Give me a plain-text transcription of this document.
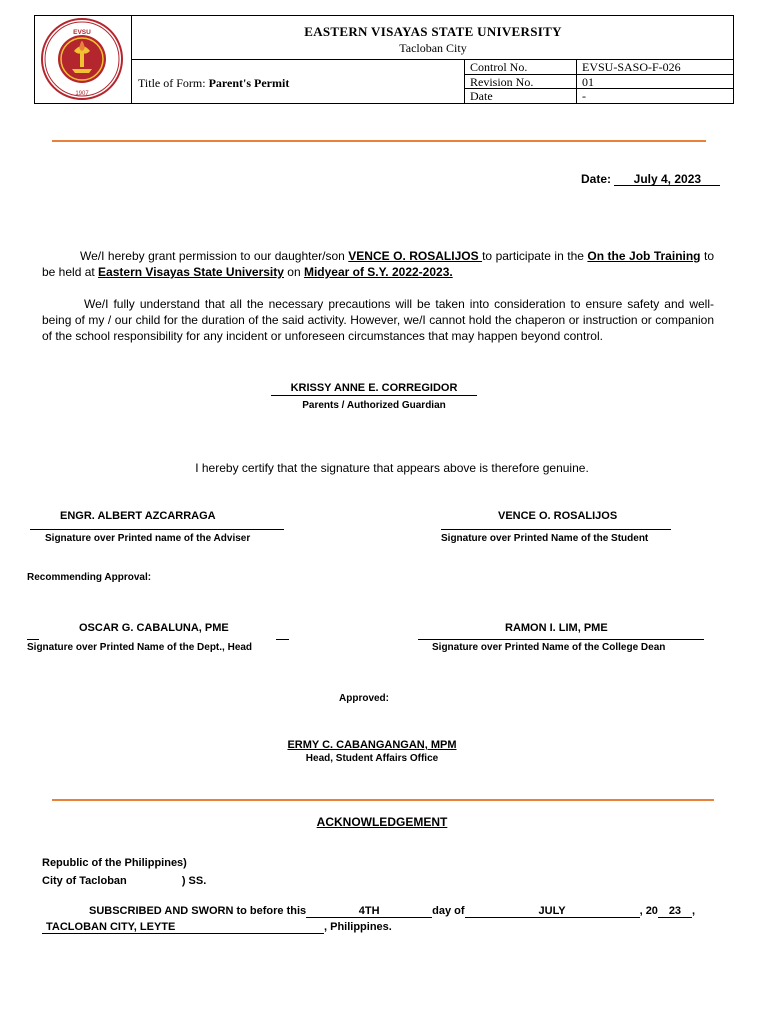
EVSU
1907
EASTERN VISAYAS STATE UNIVERSITY
Tacloban City
Title of Form: Parent's Permit
Control No.	EVSU-SASO-F-026
Revision No.	01
Date	-
Date: July 4, 2023
We/I hereby grant permission to our daughter/son VENCE O. ROSALIJOS to participate in the On the Job Training to be held at Eastern Visayas State University on Midyear of S.Y. 2022-2023.
We/I fully understand that all the necessary precautions will be taken into consideration to ensure safety and well-being of my / our child for the duration of the said activity. However, we/I cannot hold the chaperon or instruction or companion of the school responsibility for any incident or unforeseen circumstances that may happen beyond control.
KRISSY ANNE E. CORREGIDOR
Parents / Authorized Guardian
I hereby certify that the signature that appears above is therefore genuine.
ENGR. ALBERT AZCARRAGA
Signature over Printed name of the Adviser
VENCE O. ROSALIJOS
Signature over Printed Name of the Student
Recommending Approval:
OSCAR G. CABALUNA, PME
Signature over Printed Name of the Dept., Head
RAMON I. LIM, PME
Signature over Printed Name of the College Dean
Approved:
ERMY C. CABANGANGAN, MPM
Head, Student Affairs Office
ACKNOWLEDGEMENT
Republic of the Philippines)
City of Tacloban	) SS.
SUBSCRIBED AND SWORN to before this	4TH	day of	JULY	, 20 23 ,
TACLOBAN CITY, LEYTE	, Philippines.
